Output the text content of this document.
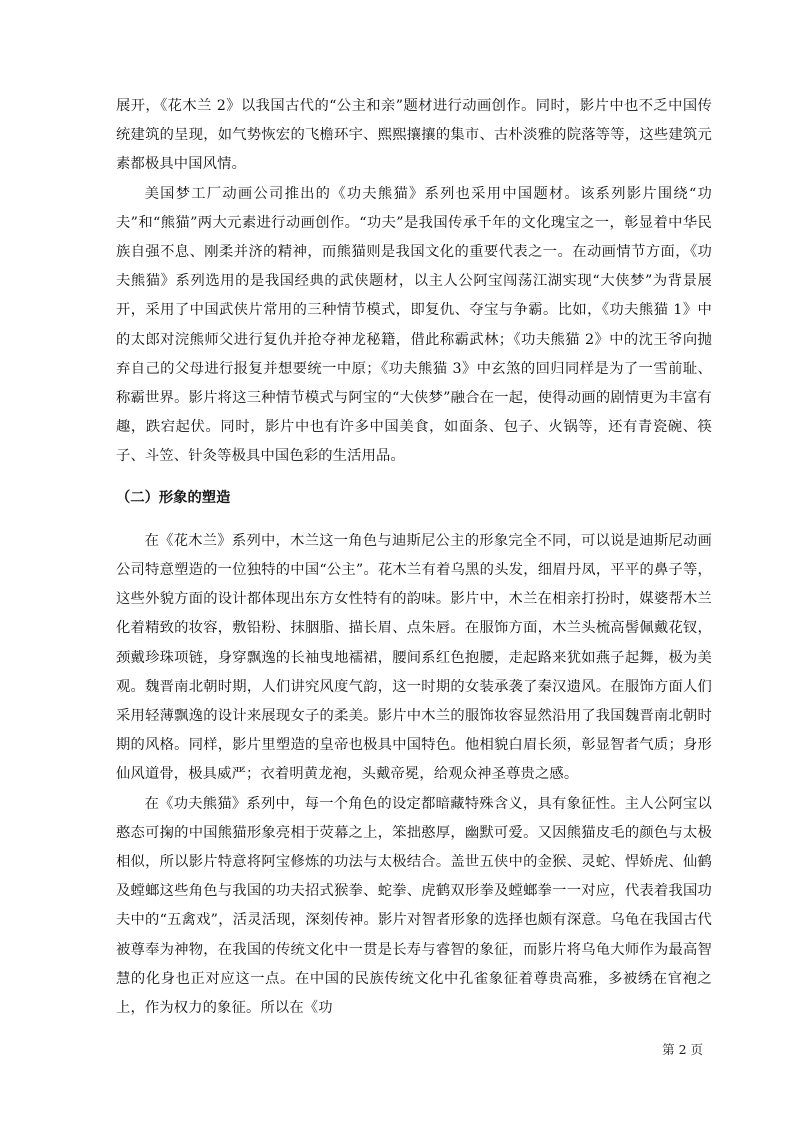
展开，《花木兰 2》以我国古代的“公主和亲”题材进行动画创作。同时，影片中也不乏中国传统建筑的呈现，如气势恢宏的飞檐环宇、熙熙攘攘的集市、古朴淡雅的院落等等，这些建筑元素都极具中国风情。

美国梦工厂动画公司推出的《功夫熊猫》系列也采用中国题材。该系列影片围绕“功夫”和“熊猫”两大元素进行动画创作。“功夫”是我国传承千年的文化瑰宝之一，彰显着中华民族自强不息、刚柔并济的精神，而熊猫则是我国文化的重要代表之一。在动画情节方面，《功夫熊猫》系列选用的是我国经典的武侠题材，以主人公阿宝闯荡江湖实现“大侠梦”为背景展开，采用了中国武侠片常用的三种情节模式，即复仇、夺宝与争霸。比如，《功夫熊猫 1》中的太郎对浣熊师父进行复仇并抢夺神龙秘籍，借此称霸武林；《功夫熊猫 2》中的沈王爷向抛弃自己的父母进行报复并想要统一中原；《功夫熊猫 3》中玄煞的回归同样是为了一雪前耻、称霸世界。影片将这三种情节模式与阿宝的“大侠梦”融合在一起，使得动画的剧情更为丰富有趣，跌宕起伏。同时，影片中也有许多中国美食，如面条、包子、火锅等，还有青瓷碗、筷子、斗笠、针灸等极具中国色彩的生活用品。

（二）形象的塑造

在《花木兰》系列中，木兰这一角色与迪斯尼公主的形象完全不同，可以说是迪斯尼动画公司特意塑造的一位独特的中国“公主”。花木兰有着乌黑的头发，细眉丹凤，平平的鼻子等，这些外貌方面的设计都体现出东方女性特有的韵味。影片中，木兰在相亲打扮时，媒婆帮木兰化着精致的妆容，敷铅粉、抹胭脂、描长眉、点朱唇。在服饰方面，木兰头梳高髻佩戴花钗，颈戴珍珠项链，身穿飘逸的长袖曳地襦裙，腰间系红色抱腰，走起路来犹如燕子起舞，极为美观。魏晋南北朝时期，人们讲究风度气韵，这一时期的女装承袭了秦汉遗风。在服饰方面人们采用轻薄飘逸的设计来展现女子的柔美。影片中木兰的服饰妆容显然沿用了我国魏晋南北朝时期的风格。同样，影片里塑造的皇帝也极具中国特色。他相貌白眉长须，彰显智者气质；身形仙风道骨，极具威严；衣着明黄龙袍，头戴帝冕，给观众神圣尊贵之感。

在《功夫熊猫》系列中，每一个角色的设定都暗藏特殊含义，具有象征性。主人公阿宝以憨态可掬的中国熊猫形象亮相于荧幕之上，笨拙憨厚，幽默可爱。又因熊猫皮毛的颜色与太极相似，所以影片特意将阿宝修炼的功法与太极结合。盖世五侠中的金猴、灵蛇、悍娇虎、仙鹤及螳螂这些角色与我国的功夫招式猴拳、蛇拳、虎鹤双形拳及螳螂拳一一对应，代表着我国功夫中的“五禽戏”，活灵活现，深刻传神。影片对智者形象的选择也颇有深意。乌龟在我国古代被尊奉为神物，在我国的传统文化中一贯是长寿与睿智的象征，而影片将乌龟大师作为最高智慧的化身也正对应这一点。在中国的民族传统文化中孔雀象征着尊贵高雅，多被绣在官袍之上，作为权力的象征。所以在《功

第 2 页
